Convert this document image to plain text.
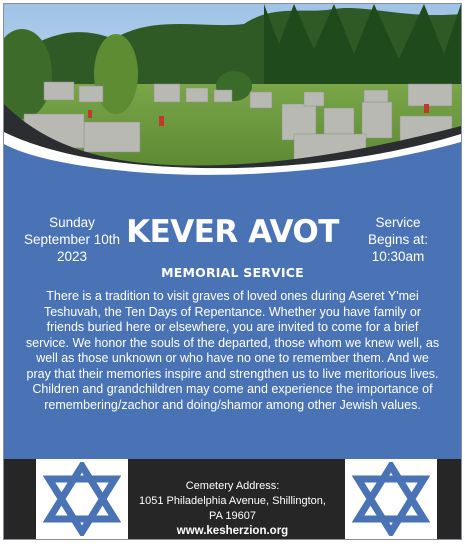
Sunday
September 10th
2023
KEVER AVOT
MEMORIAL SERVICE
Service
Begins at:
10:30am
There is a tradition to visit graves of loved ones during Aseret Y'mei Teshuvah, the Ten Days of Repentance. Whether you have family or friends buried here or elsewhere, you are invited to come for a brief service. We honor the souls of the departed, those whom we knew well, as well as those unknown or who have no one to remember them. And we pray that their memories inspire and strengthen us to live meritorious lives. Children and grandchildren may come and experience the importance of remembering/zachor and doing/shamor among other Jewish values.
Cemetery Address:
1051 Philadelphia Avenue, Shillington,
PA 19607
www.kesherzion.org
